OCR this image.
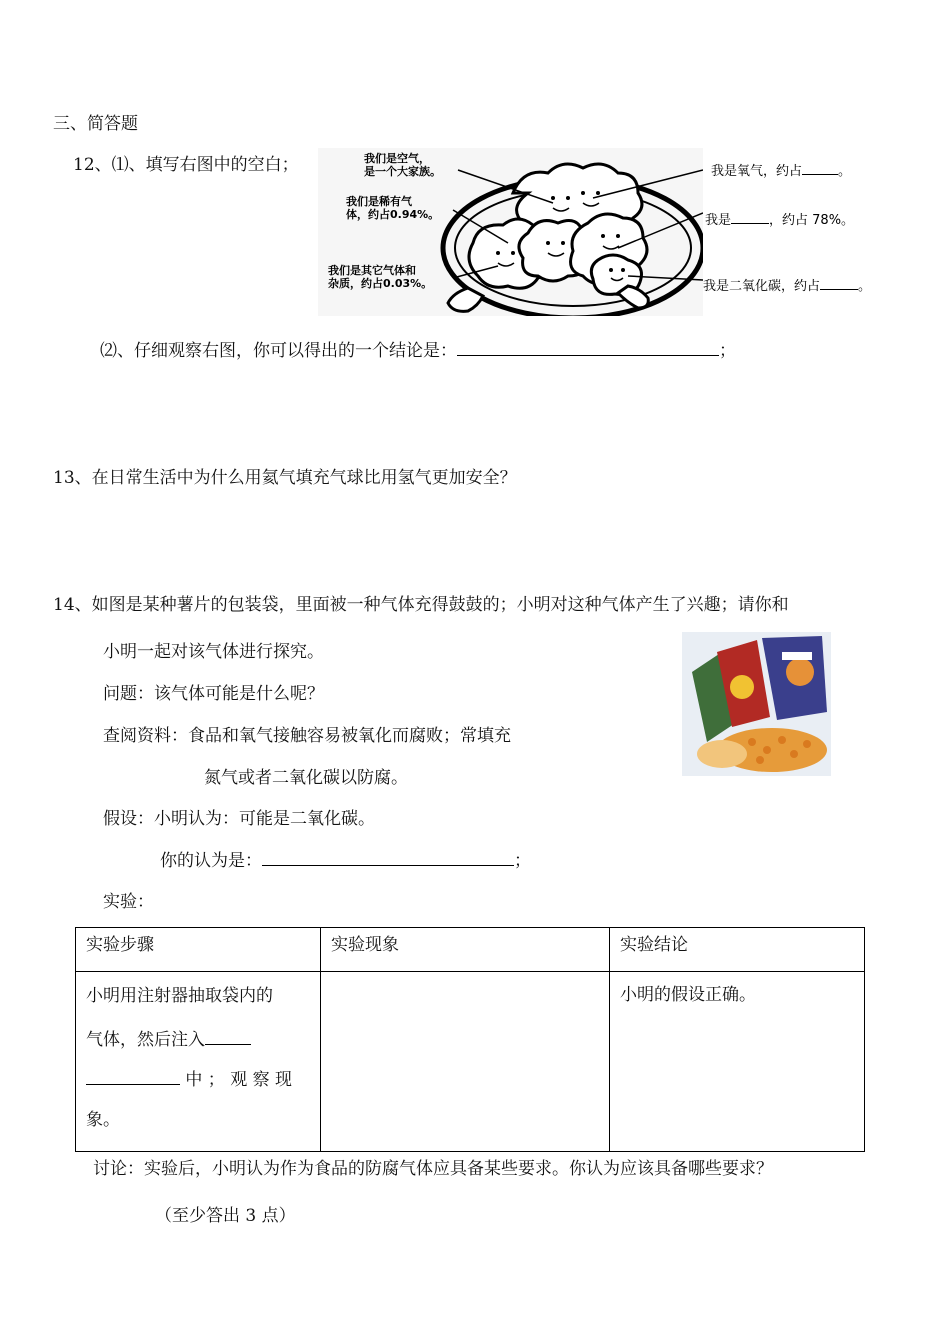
三、简答题
12、⑴、填写右图中的空白；	我们是空气，
是一个大家族。
我们是稀有气
体，约占0.94%。
我们是其它气体和
杂质，约占0.03%。
我是氧气，约占	。
我是	，约占 78%。
我是二氧化碳，约占	。
⑵、仔细观察右图，你可以得出的一个结论是：	；
13、在日常生活中为什么用氦气填充气球比用氢气更加安全？
14、如图是某种薯片的包装袋，里面被一种气体充得鼓鼓的；小明对这种气体产生了兴趣；请你和
小明一起对该气体进行探究。
问题：该气体可能是什么呢？
查阅资料：食品和氧气接触容易被氧化而腐败；常填充
氮气或者二氧化碳以防腐。
假设：小明认为：可能是二氧化碳。
你的认为是：	；
实验：
实验步骤	实验现象	实验结论

小明用注射器抽取袋内的
气体，然后注入
中 ； 观 察 现
象。		小明的假设正确。
讨论：实验后，小明认为作为食品的防腐气体应具备某些要求。你认为应该具备哪些要求？
（至少答出 3 点）
